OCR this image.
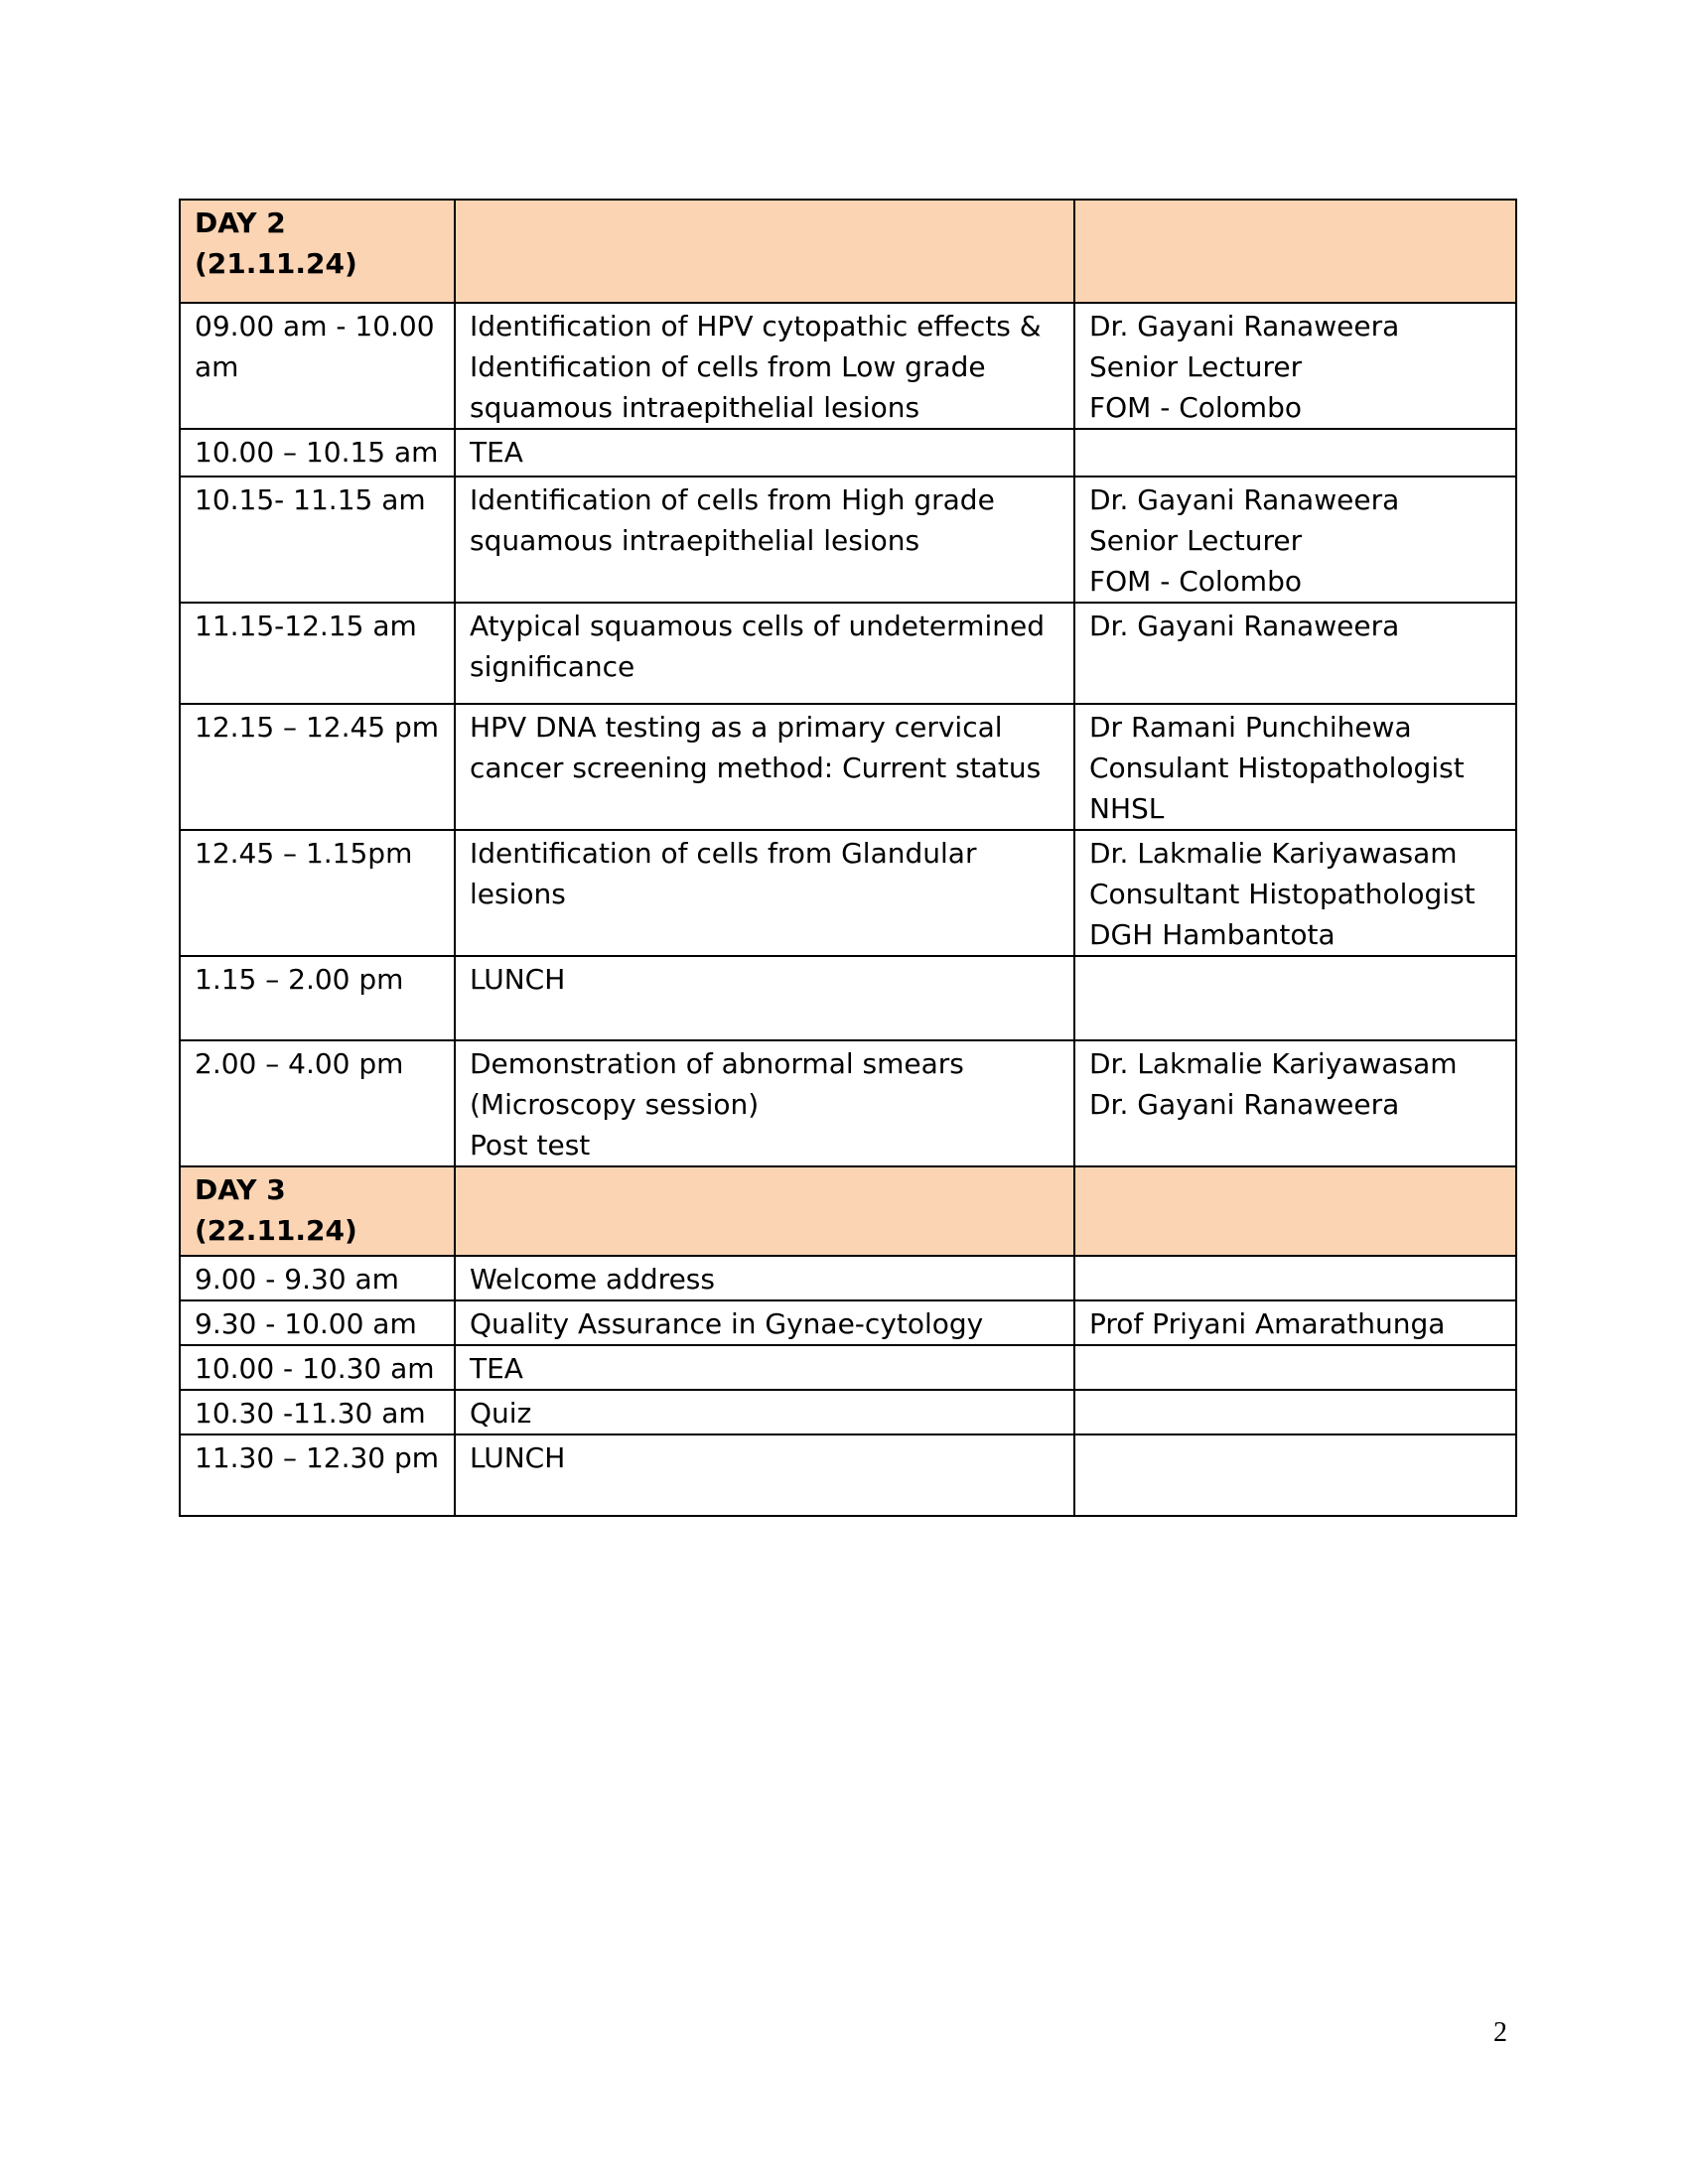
DAY 2 (21.11.24)		

09.00 am - 10.00 am	Identification of HPV cytopathic effects &
Identification of cells from Low grade
squamous intraepithelial lesions	Dr. Gayani Ranaweera
Senior Lecturer
FOM - Colombo

10.00 – 10.15 am	TEA	

10.15- 11.15 am	Identification of cells from High grade
squamous intraepithelial lesions	Dr. Gayani Ranaweera
Senior Lecturer
FOM - Colombo

11.15-12.15 am	Atypical squamous cells of undetermined
significance	Dr. Gayani Ranaweera

12.15 – 12.45 pm	HPV DNA testing as a primary cervical
cancer screening method: Current status	Dr Ramani Punchihewa
Consulant Histopathologist
NHSL

12.45 – 1.15pm	Identification of cells from Glandular
lesions	Dr. Lakmalie Kariyawasam
Consultant Histopathologist
DGH Hambantota

1.15 – 2.00 pm	LUNCH	

2.00 – 4.00 pm	Demonstration of abnormal smears
(Microscopy session)
Post test	Dr. Lakmalie Kariyawasam
Dr. Gayani Ranaweera

DAY 3 (22.11.24)		

9.00 - 9.30 am	Welcome address	

9.30 - 10.00 am	Quality Assurance in Gynae-cytology	Prof Priyani Amarathunga

10.00 - 10.30 am	TEA	

10.30 -11.30 am	Quiz	

11.30 – 12.30 pm	LUNCH	

2
